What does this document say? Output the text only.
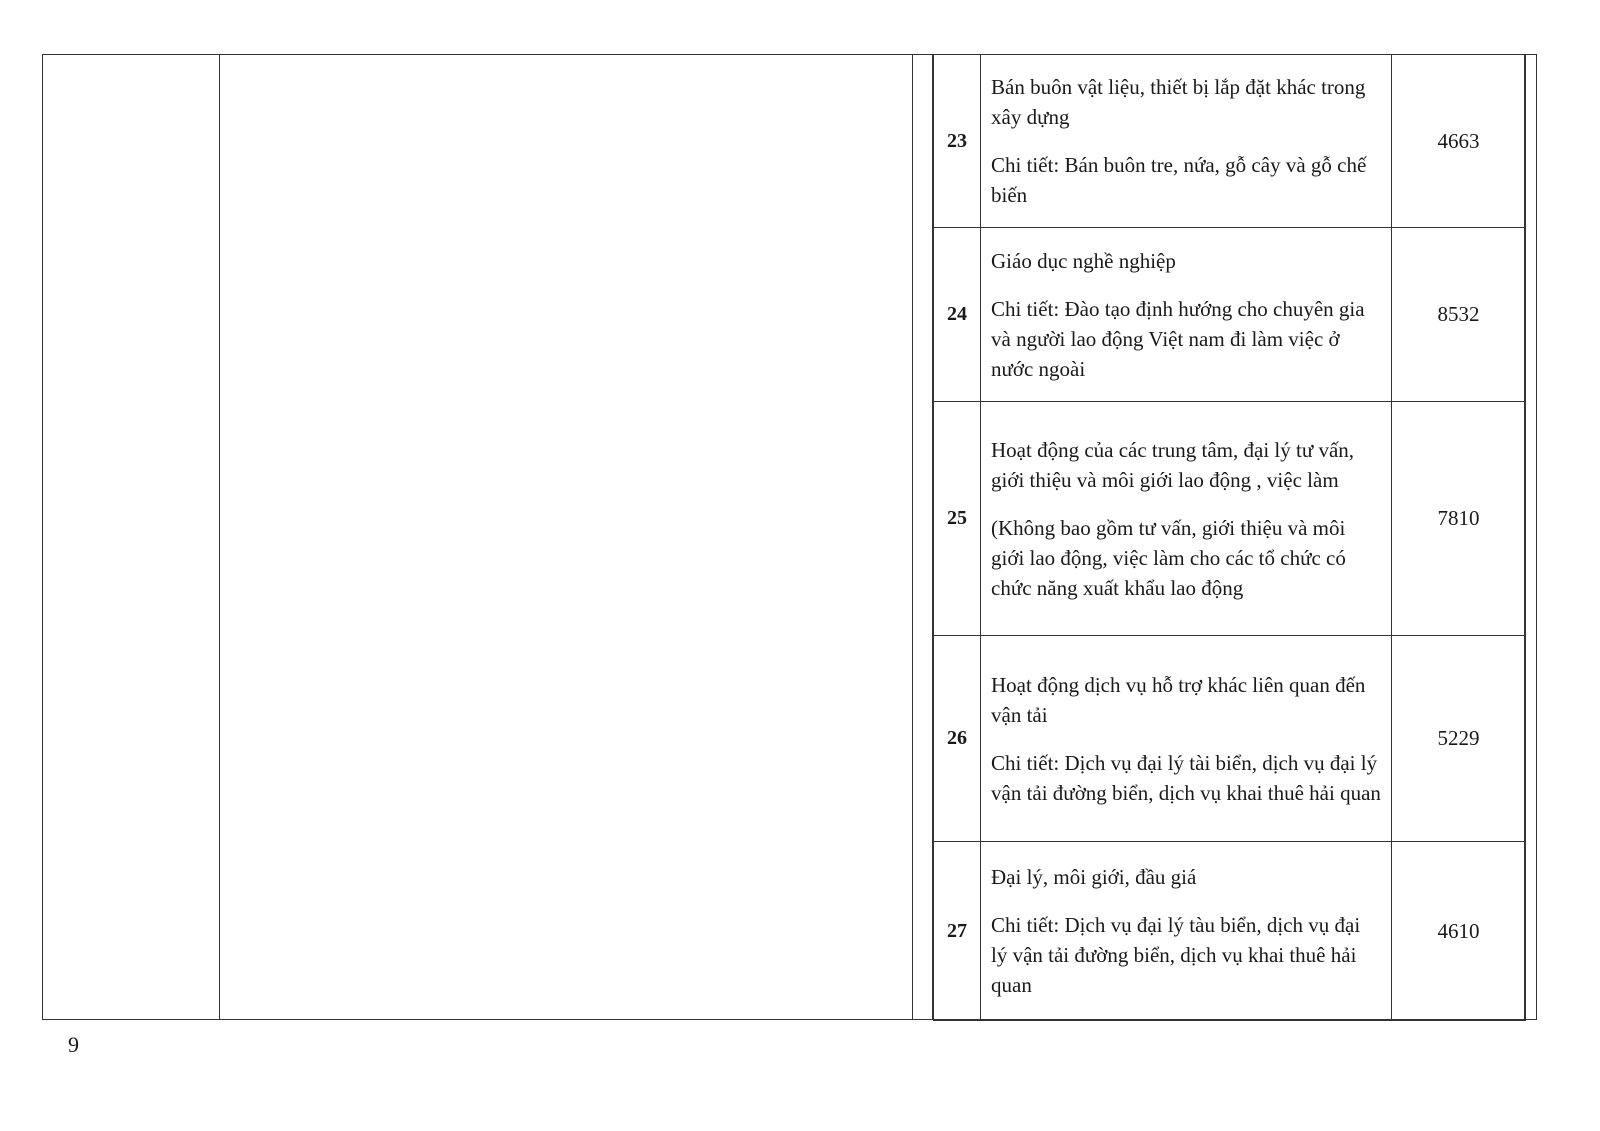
23	Bán buôn vật liệu, thiết bị lắp đặt khác trong xây dựng

Chi tiết: Bán buôn tre, nứa, gỗ cây và gỗ chế biến	4663
24	Giáo dục nghề nghiệp

Chi tiết: Đào tạo định hướng cho chuyên gia và người lao động Việt nam đi làm việc ở nước ngoài	8532
25	Hoạt động của các trung tâm, đại lý tư vấn, giới thiệu và môi giới lao động , việc làm

(Không bao gồm tư vấn, giới thiệu và môi giới lao động, việc làm cho các tổ chức có chức năng xuất khẩu lao động	7810
26	Hoạt động dịch vụ hỗ trợ khác liên quan đến vận tải

Chi tiết: Dịch vụ đại lý tài biển, dịch vụ đại lý vận tải đường biển, dịch vụ khai thuê hải quan	5229
27	Đại lý, môi giới, đầu giá

Chi tiết: Dịch vụ đại lý tàu biển, dịch vụ đại lý vận tải đường biển, dịch vụ khai thuê hải quan	4610
9
